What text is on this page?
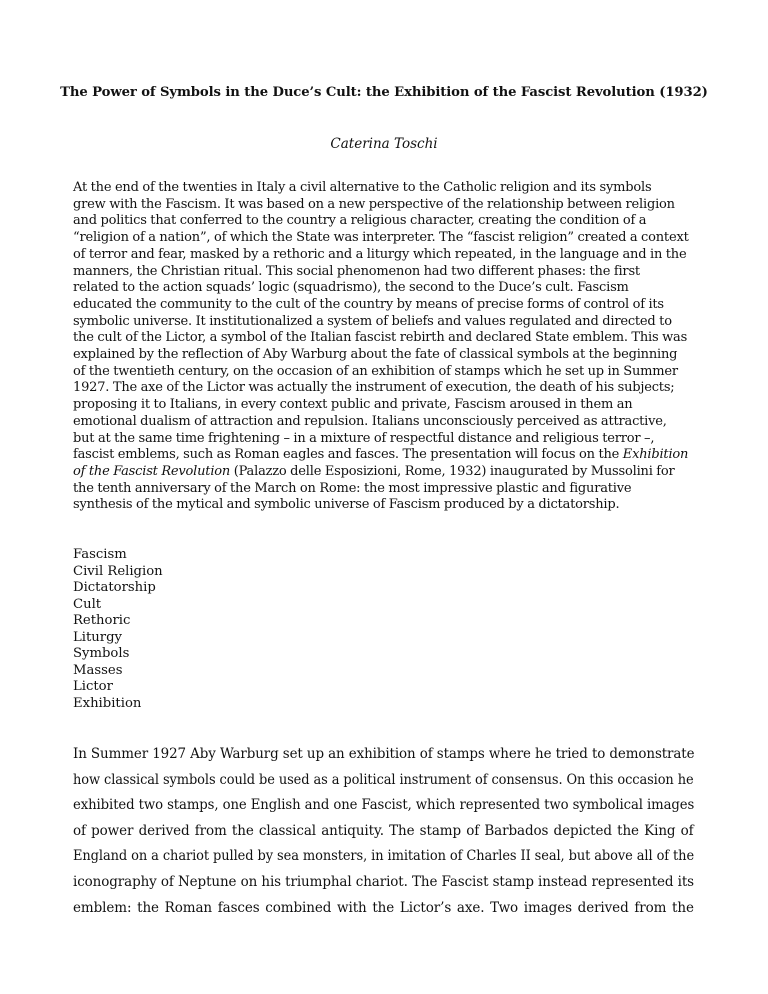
The Power of Symbols in the Duce’s Cult: the Exhibition of the Fascist Revolution (1932)
Caterina Toschi
At the end of the twenties in Italy a civil alternative to the Catholic religion and its symbols
grew with the Fascism. It was based on a new perspective of the relationship between religion
and politics that conferred to the country a religious character, creating the condition of a
“religion of a nation”, of which the State was interpreter. The “fascist religion” created a context
of terror and fear, masked by a rethoric and a liturgy which repeated, in the language and in the
manners, the Christian ritual. This social phenomenon had two different phases: the first
related to the action squads’ logic (squadrismo), the second to the Duce’s cult. Fascism
educated the community to the cult of the country by means of precise forms of control of its
symbolic universe. It institutionalized a system of beliefs and values regulated and directed to
the cult of the Lictor, a symbol of the Italian fascist rebirth and declared State emblem. This was
explained by the reflection of Aby Warburg about the fate of classical symbols at the beginning
of the twentieth century, on the occasion of an exhibition of stamps which he set up in Summer
1927. The axe of the Lictor was actually the instrument of execution, the death of his subjects;
proposing it to Italians, in every context public and private, Fascism aroused in them an
emotional dualism of attraction and repulsion. Italians unconsciously perceived as attractive,
but at the same time frightening – in a mixture of respectful distance and religious terror –,
fascist emblems, such as Roman eagles and fasces. The presentation will focus on the Exhibition
of the Fascist Revolution (Palazzo delle Esposizioni, Rome, 1932) inaugurated by Mussolini for
the tenth anniversary of the March on Rome: the most impressive plastic and figurative
synthesis of the mytical and symbolic universe of Fascism produced by a dictatorship.
Fascism
Civil Religion
Dictatorship
Cult
Rethoric
Liturgy
Symbols
Masses
Lictor
Exhibition
In Summer 1927 Aby Warburg set up an exhibition of stamps where he tried to demonstrate
how classical symbols could be used as a political instrument of consensus. On this occasion he
exhibited two stamps, one English and one Fascist, which represented two symbolical images
of power derived from the classical antiquity. The stamp of Barbados depicted the King of
England on a chariot pulled by sea monsters, in imitation of Charles II seal, but above all of the
iconography of Neptune on his triumphal chariot. The Fascist stamp instead represented its
emblem: the Roman fasces combined with the Lictor’s axe. Two images derived from the
